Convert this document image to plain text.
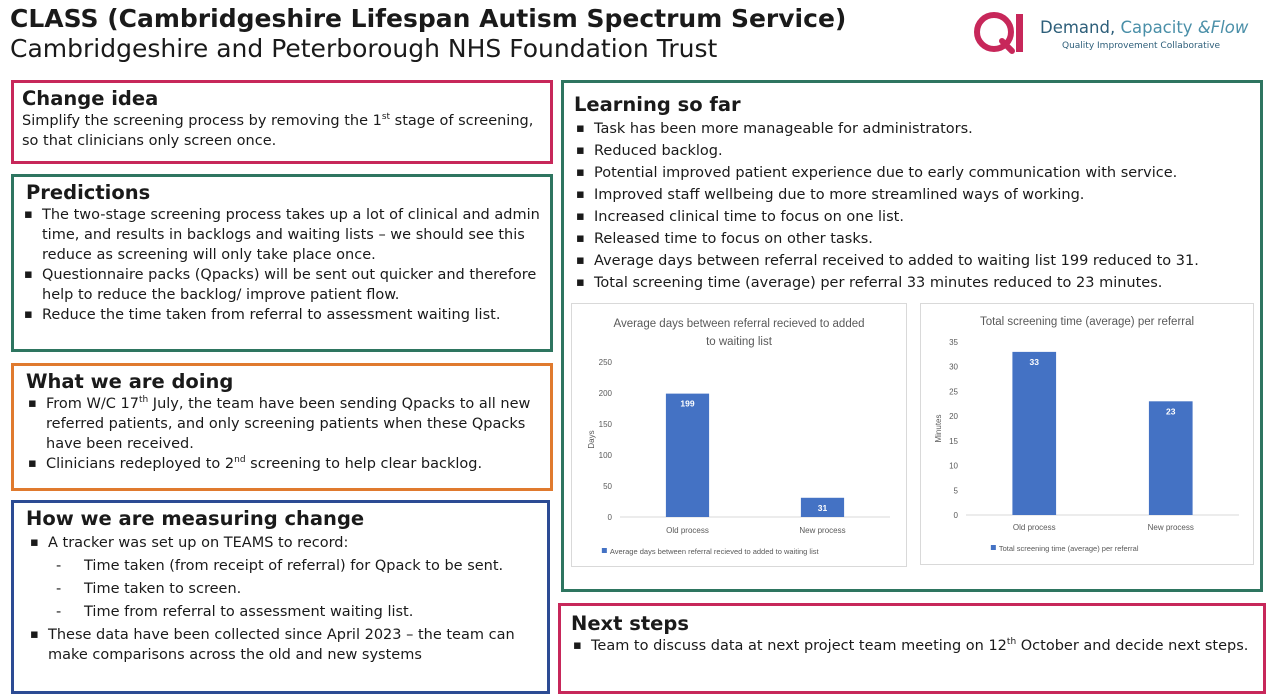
CLASS (Cambridgeshire Lifespan Autism Spectrum Service)
Cambridgeshire and Peterborough NHS Foundation Trust
Demand, Capacity &Flow
Quality Improvement Collaborative
Change idea

Simplify the screening process by removing the 1st stage of screening, so that clinicians only screen once.

Predictions
▪ The two-stage screening process takes up a lot of clinical and admin time, and results in backlogs and waiting lists – we should see this reduce as screening will only take place once.
▪ Questionnaire packs (Qpacks) will be sent out quicker and therefore help to reduce the backlog/ improve patient flow.
▪ Reduce the time taken from referral to assessment waiting list.
What we are doing
▪ From W/C 17th July, the team have been sending Qpacks to all new referred patients, and only screening patients when these Qpacks have been received.
▪ Clinicians redeployed to 2nd screening to help clear backlog.
How we are measuring change
▪ A tracker was set up on TEAMS to record:
- Time taken (from receipt of referral) for Qpack to be sent.
- Time taken to screen.
- Time from referral to assessment waiting list.
▪ These data have been collected since April 2023 – the team can make comparisons across the old and new systems
Learning so far
▪ Task has been more manageable for administrators.
▪ Reduced backlog.
▪ Potential improved patient experience due to early communication with service.
▪ Improved staff wellbeing due to more streamlined ways of working.
▪ Increased clinical time to focus on one list.
▪ Released time to focus on other tasks.
▪ Average days between referral received to added to waiting list 199 reduced to 31.
▪ Total screening time (average) per referral 33 minutes reduced to 23 minutes.
Average days between referral recieved to added
to waiting list
0
50
100
150
200
250
Days
199
Old process
31
New process
Average days between referral recieved to added to waiting list
Total screening time (average) per referral
0
5
10
15
20
25
30
35
Minutes
33
Old process
23
New process
Total screening time (average) per referral
Next steps
▪ Team to discuss data at next project team meeting on 12th October and decide next steps.
